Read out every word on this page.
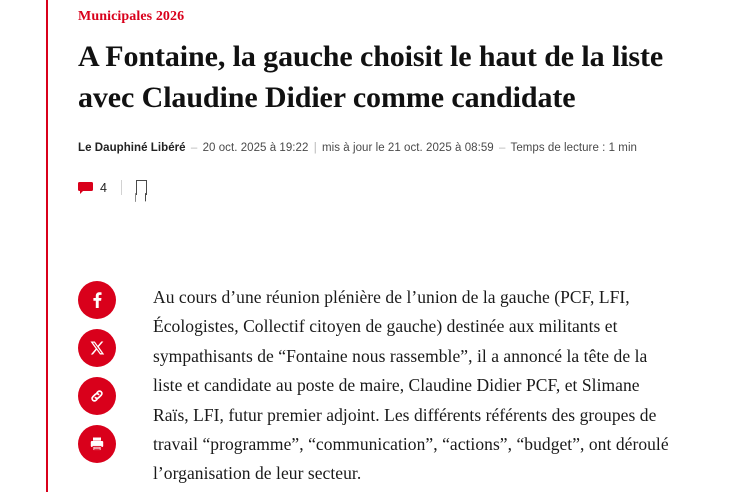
Municipales 2026
A Fontaine, la gauche choisit le haut de la liste avec Claudine Didier comme candidate
Le Dauphiné Libéré – 20 oct. 2025 à 19:22 | mis à jour le 21 oct. 2025 à 08:59 – Temps de lecture : 1 min
4
Au cours d’une réunion plénière de l’union de la gauche (PCF, LFI, Écologistes, Collectif citoyen de gauche) destinée aux militants et sympathisants de “Fontaine nous rassemble”, il a annoncé la tête de la liste et candidate au poste de maire, Claudine Didier PCF, et Slimane Raïs, LFI, futur premier adjoint. Les différents référents des groupes de travail “programme”, “communication”, “actions”, “budget”, ont déroulé l’organisation de leur secteur.
